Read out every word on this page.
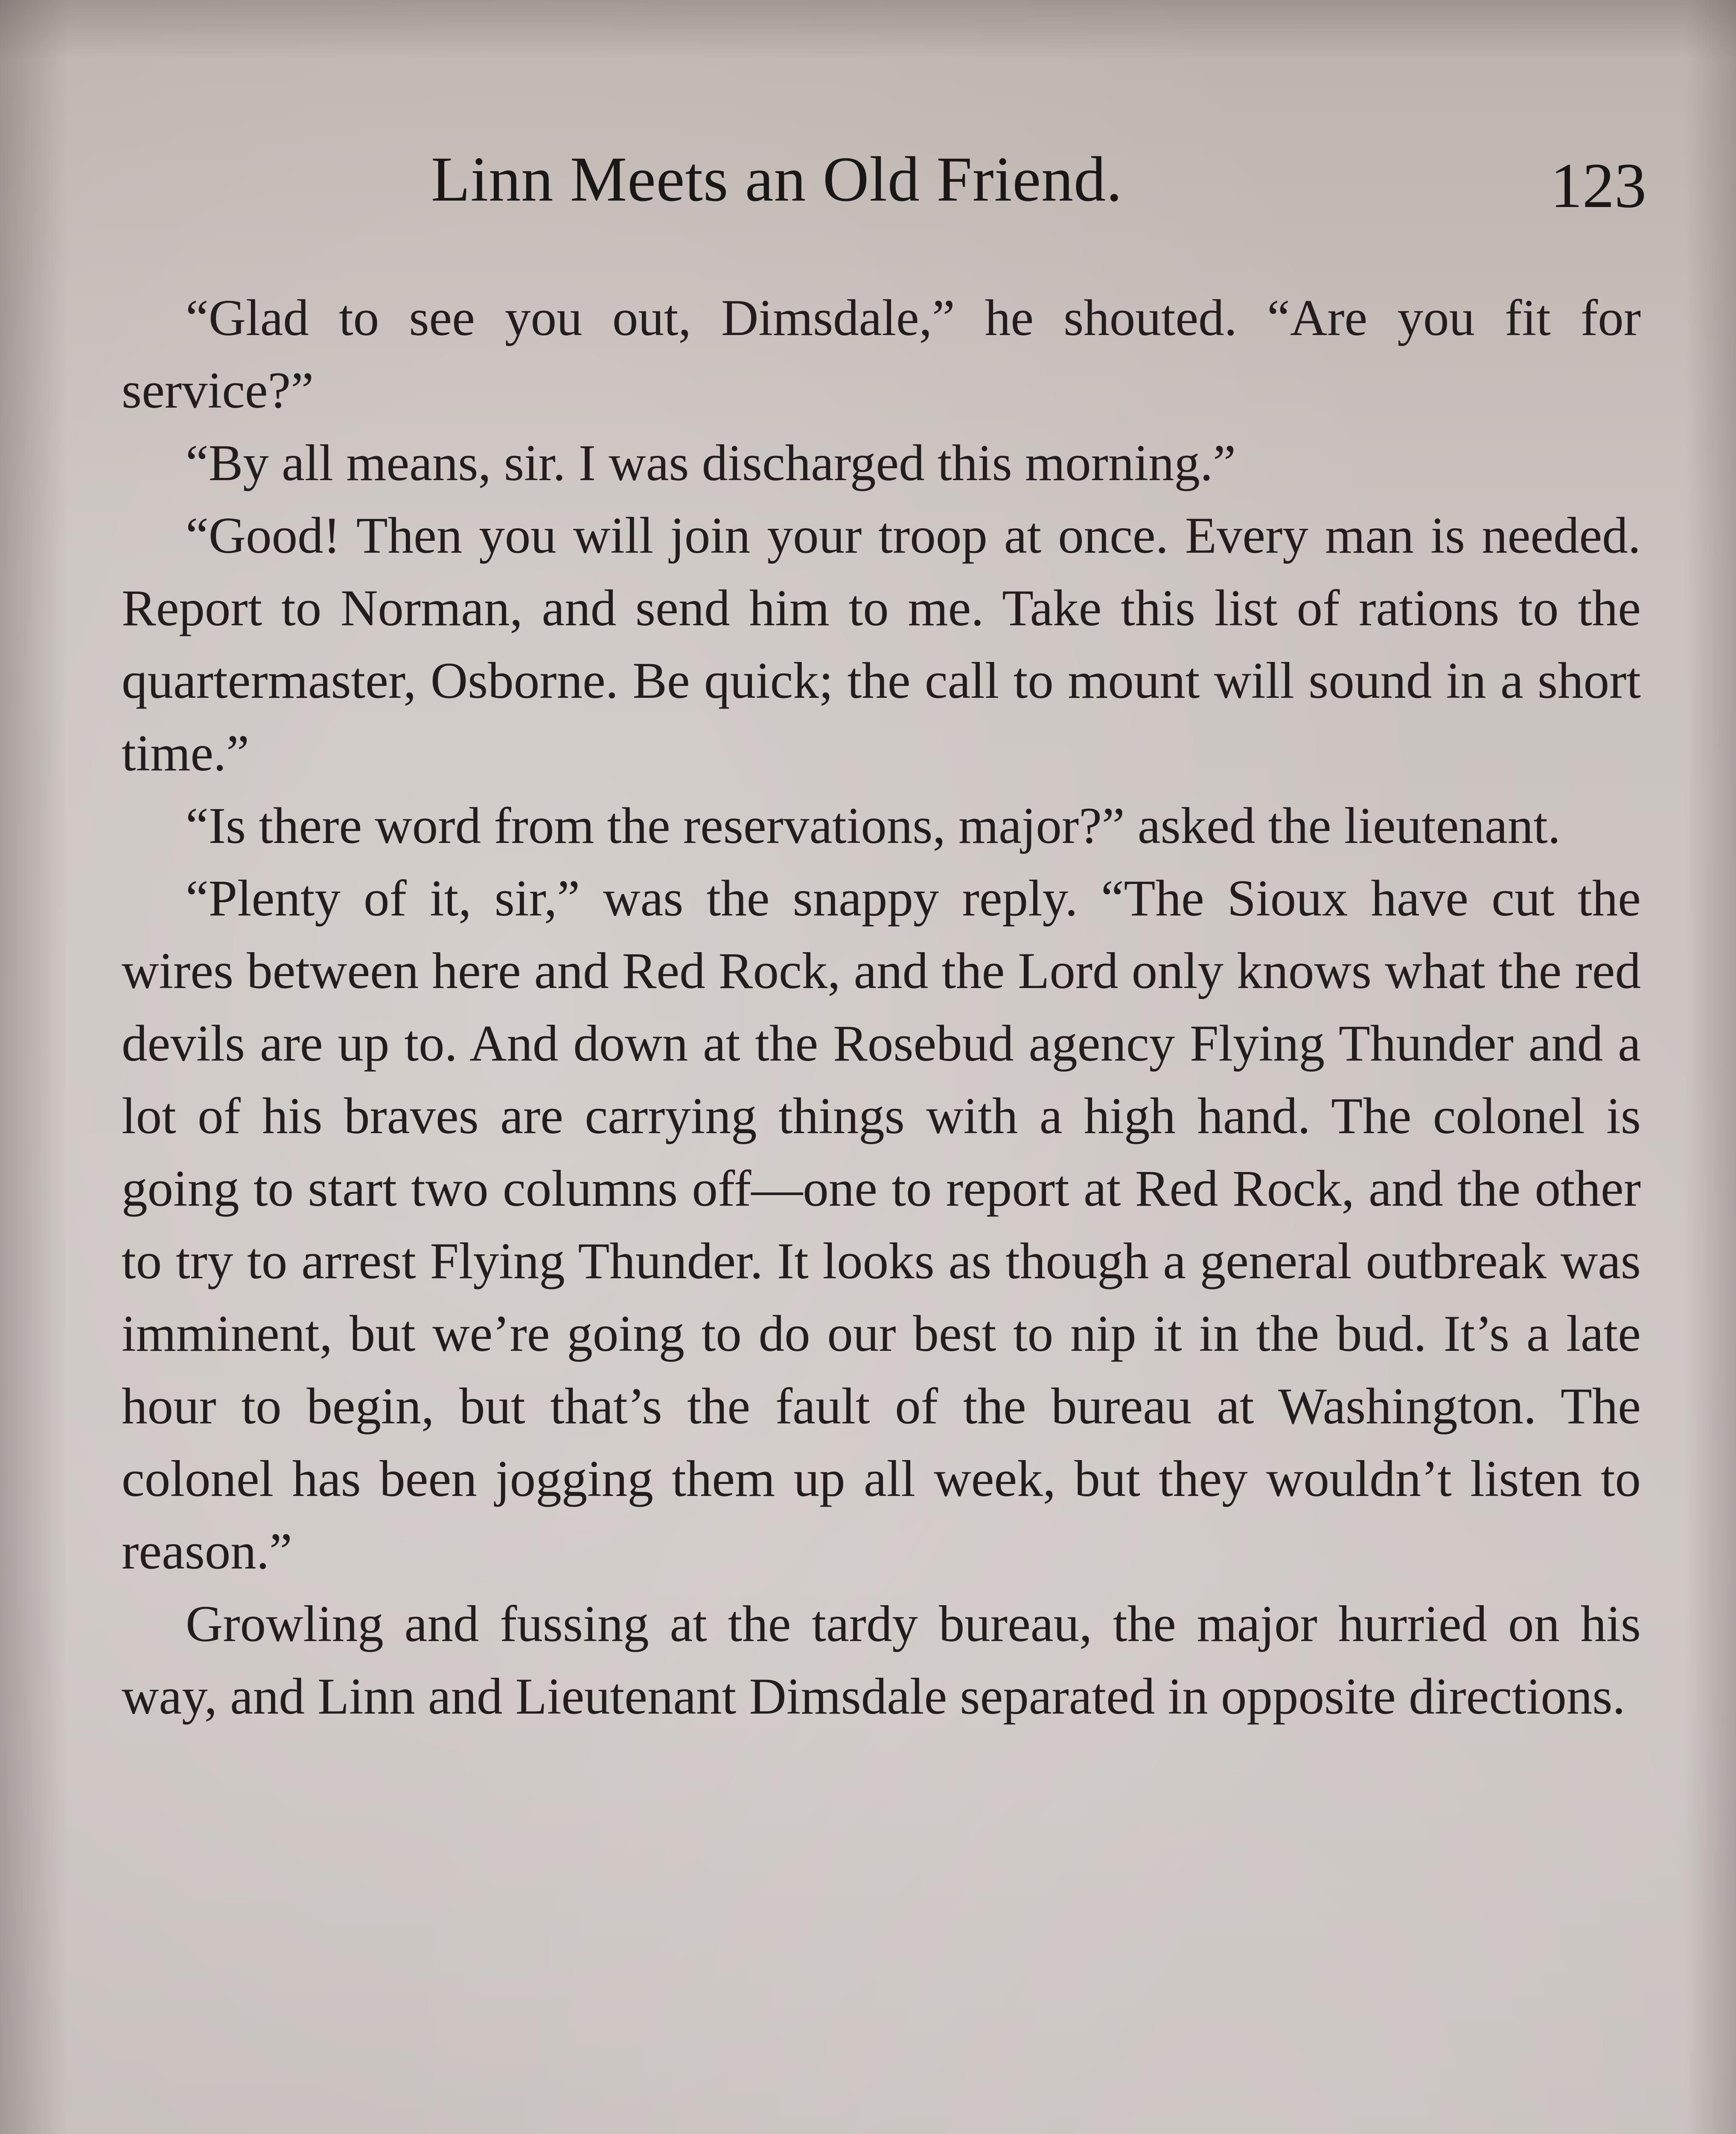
Linn Meets an Old Friend.	123

“Glad to see you out, Dimsdale,” he shouted. “Are you fit for service?”

“By all means, sir. I was discharged this morning.”

“Good! Then you will join your troop at once. Every man is needed. Report to Norman, and send him to me. Take this list of rations to the quartermaster, Osborne. Be quick; the call to mount will sound in a short time.”

“Is there word from the reservations, major?” asked the lieutenant.

“Plenty of it, sir,” was the snappy reply. “The Sioux have cut the wires between here and Red Rock, and the Lord only knows what the red devils are up to. And down at the Rosebud agency Flying Thunder and a lot of his braves are carrying things with a high hand. The colonel is going to start two columns off—one to report at Red Rock, and the other to try to arrest Flying Thunder. It looks as though a general outbreak was imminent, but we’re going to do our best to nip it in the bud. It’s a late hour to begin, but that’s the fault of the bureau at Washington. The colonel has been jogging them up all week, but they wouldn’t listen to reason.”

Growling and fussing at the tardy bureau, the major hurried on his way, and Linn and Lieutenant Dimsdale separated in opposite directions.
